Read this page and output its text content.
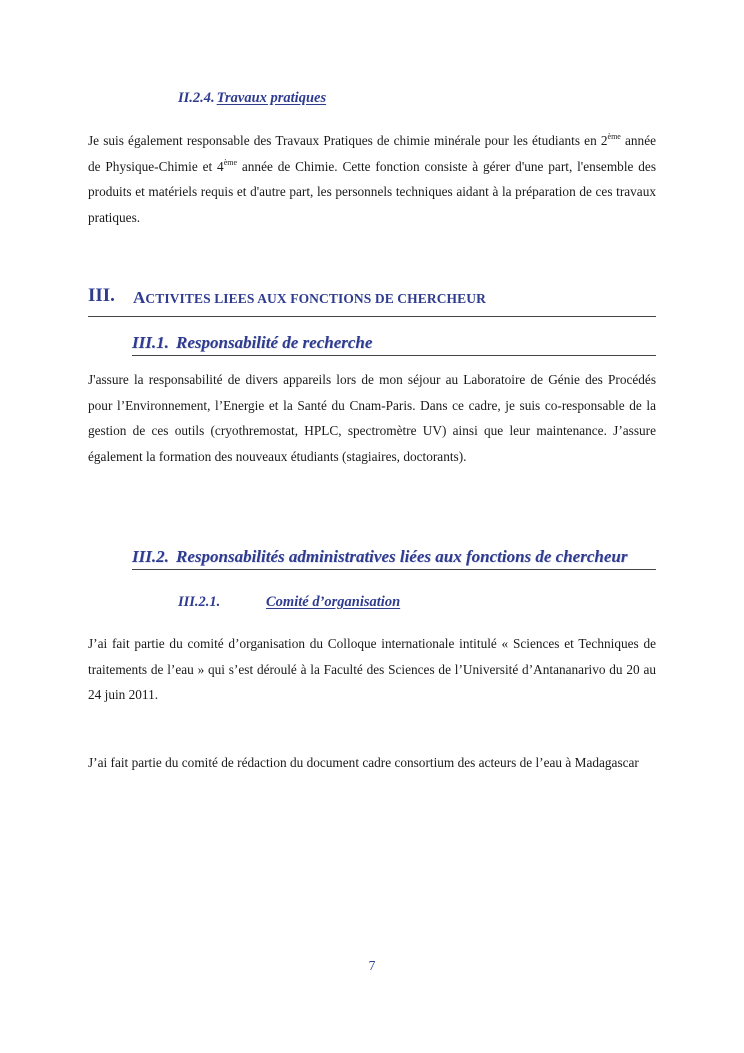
II.2.4. Travaux pratiques

Je suis également responsable des Travaux Pratiques de chimie minérale pour les étudiants en 2ème année de Physique-Chimie et 4ème année de Chimie. Cette fonction consiste à gérer d'une part, l'ensemble des produits et matériels requis et d'autre part, les personnels techniques aidant à la préparation de ces travaux pratiques.

III. ACTIVITES LIEES AUX FONCTIONS DE CHERCHEUR
III.1. Responsabilité de recherche

J'assure la responsabilité de divers appareils lors de mon séjour au Laboratoire de Génie des Procédés pour l’Environnement, l’Energie et la Santé du Cnam-Paris. Dans ce cadre, je suis co-responsable de la gestion de ces outils (cryothremostat, HPLC, spectromètre UV) ainsi que leur maintenance. J’assure également la formation des nouveaux étudiants (stagiaires, doctorants).

III.2. Responsabilités administratives liées aux fonctions de chercheur
III.2.1.	Comité d’organisation

J’ai fait partie du comité d’organisation du Colloque internationale intitulé « Sciences et Techniques de traitements de l’eau » qui s’est déroulé à la Faculté des Sciences de l’Université d’Antananarivo du 20 au 24 juin 2011.

J’ai fait partie du comité de rédaction du document cadre consortium des acteurs de l’eau à Madagascar

7
